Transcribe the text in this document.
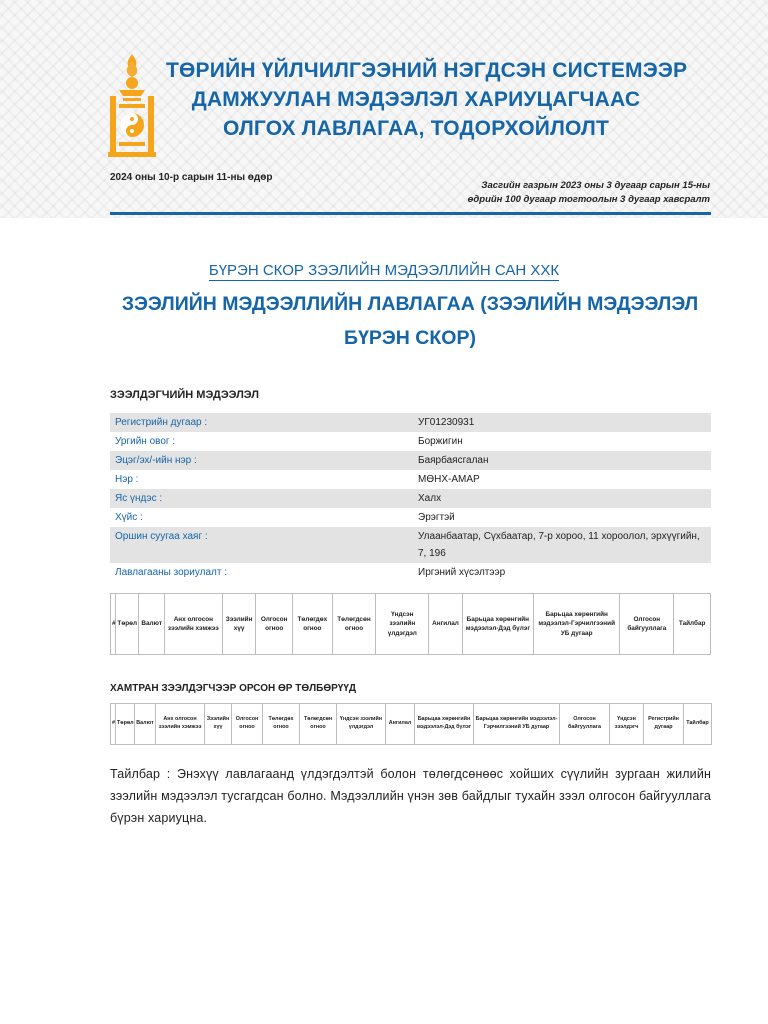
ТӨРИЙН ҮЙЛЧИЛГЭЭНИЙ НЭГДСЭН СИСТЕМЭЭР
ДАМЖУУЛАН МЭДЭЭЛЭЛ ХАРИУЦАГЧААС
ОЛГОХ ЛАВЛАГАА, ТОДОРХОЙЛОЛТ
2024 оны 10-р сарын 11-ны өдөр
Засгийн газрын 2023 оны 3 дугаар сарын 15-ны
өдрийн 100 дугаар тогтоолын 3 дугаар хавсралт
БҮРЭН СКОР ЗЭЭЛИЙН МЭДЭЭЛЛИЙН САН ХХК
ЗЭЭЛИЙН МЭДЭЭЛЛИЙН ЛАВЛАГАА (ЗЭЭЛИЙН МЭДЭЭЛЭЛ БҮРЭН СКОР)
ЗЭЭЛДЭГЧИЙН МЭДЭЭЛЭЛ
Регистрийн дугаар :	УГ01230931
Ургийн овог :	Боржигин
Эцэг/эх/-ийн нэр :	Баярбаясгалан
Нэр :	МӨНХ-АМАР
Яс үндэс :	Халх
Хүйс :	Эрэгтэй
Оршин суугаа хаяг :	Улаанбаатар, Сүхбаатар, 7-р хороо, 11 хороолол, эрхүүгийн, 7, 196
Лавлагааны зориулалт :	Иргэний хүсэлтээр
#	Төрөл	Валют	Анх олгосон зээлийн хэмжээ	Зээлийн хүү	Олгосон огноо	Төлөгдөх огноо	Төлөгдсөн огноо	Үндсэн зээлийн үлдэгдэл	Ангилал	Барьцаа хөрөнгийн мэдээлэл-Дэд бүлэг	Барьцаа хөрөнгийн мэдээлэл-Гэрчилгээний УБ дугаар	Олгосон байгууллага	Тайлбар
ХАМТРАН ЗЭЭЛДЭГЧЭЭР ОРСОН ӨР ТӨЛБӨРҮҮД
#	Төрөл	Валют	Анх олгосон зээлийн хэмжээ	Зээлийн хүү	Олгосон огноо	Төлөгдөх огноо	Төлөгдсөн огноо	Үндсэн зээлийн үлдэгдэл	Ангилал	Барьцаа хөрөнгийн мэдээлэл-Дэд бүлэг	Барьцаа хөрөнгийн мэдээлэл-Гэрчилгээний УБ дугаар	Олгосон байгууллага	Үндсэн зээлдэгч	Регистрийн дугаар	Тайлбар
Тайлбар : Энэхүү лавлагаанд үлдэгдэлтэй болон төлөгдсөнөөс хойших сүүлийн зургаан жилийн зээлийн мэдээлэл тусгагдсан болно. Мэдээллийн үнэн зөв байдлыг тухайн зээл олгосон байгууллага бүрэн хариуцна.
